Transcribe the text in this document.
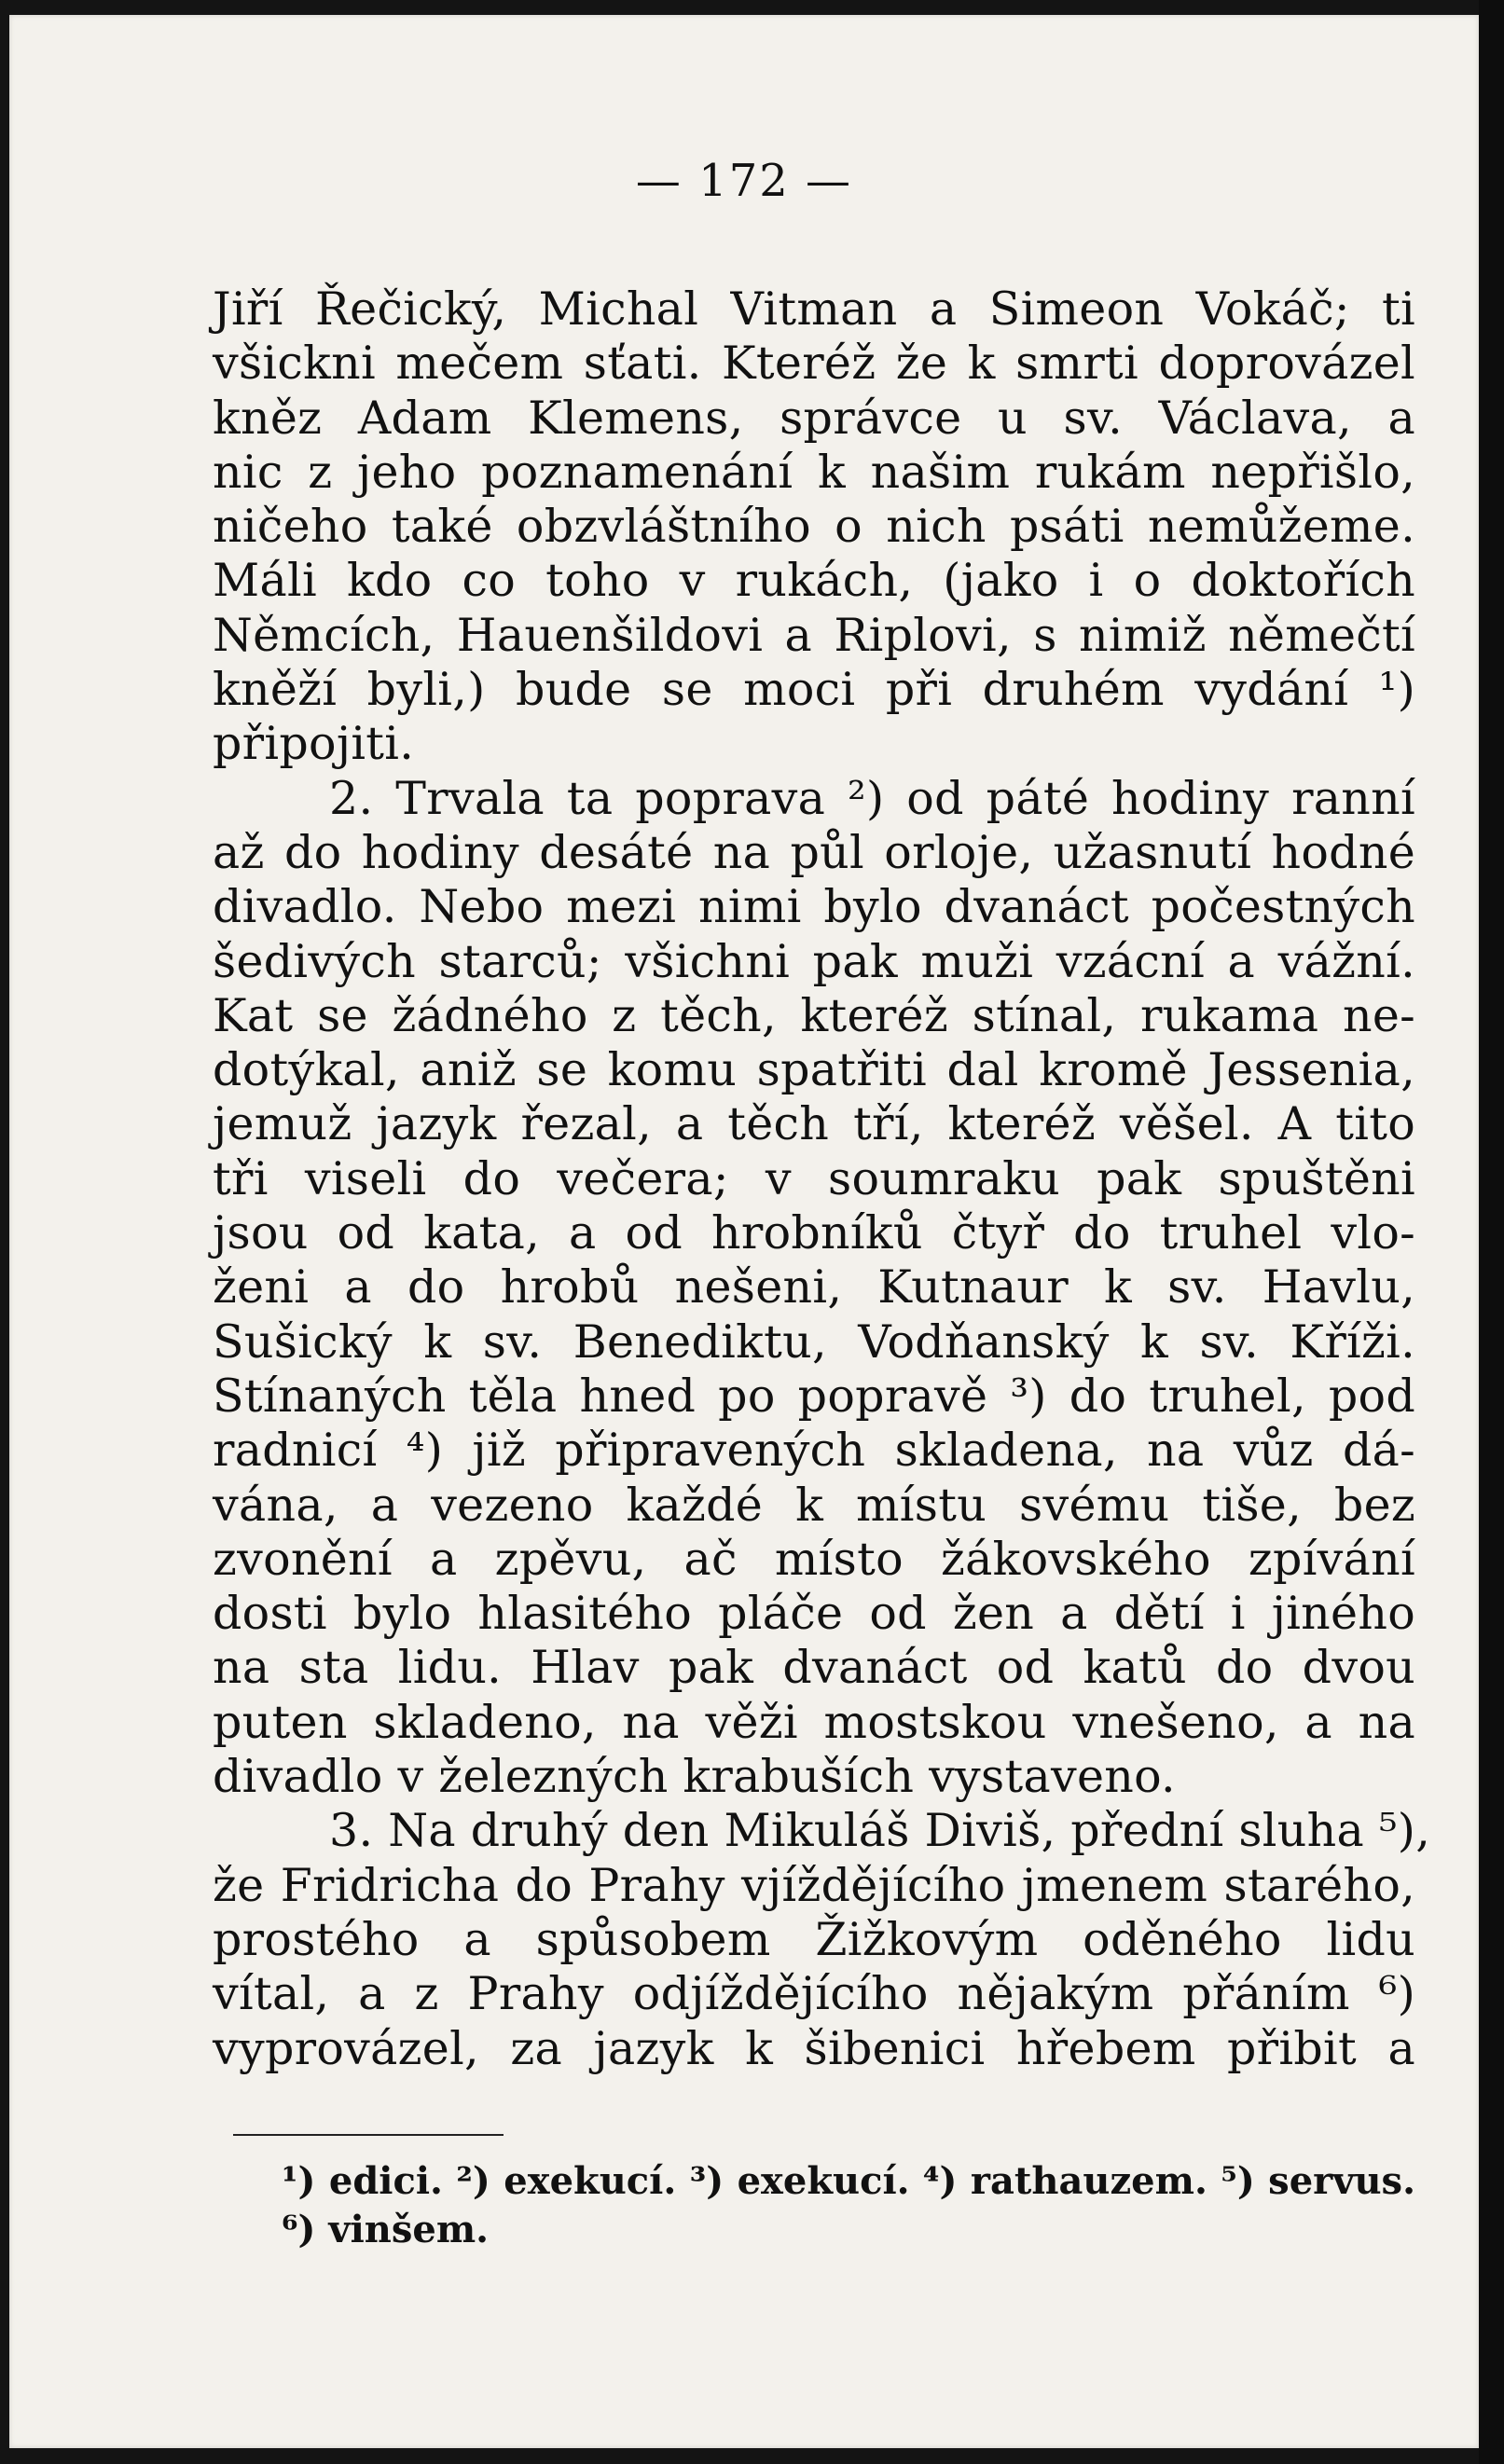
— 172 —
Jiří Řečický, Michal Vitman a Simeon Vokáč; ti
všickni mečem sťati. Kteréž že k smrti doprovázel
kněz Adam Klemens, správce u sv. Václava, a
nic z jeho poznamenání k našim rukám nepřišlo,
ničeho také obzvláštního o nich psáti nemůžeme.
Máli kdo co toho v rukách, (jako i o doktořích
Němcích, Hauenšildovi a Riplovi, s nimiž němečtí
kněží byli,) bude se moci při druhém vydání ¹)
připojiti.
2. Trvala ta poprava ²) od páté hodiny ranní
až do hodiny desáté na půl orloje, užasnutí hodné
divadlo. Nebo mezi nimi bylo dvanáct počestných
šedivých starců; všichni pak muži vzácní a vážní.
Kat se žádného z těch, kteréž stínal, rukama ne-
dotýkal, aniž se komu spatřiti dal kromě Jessenia,
jemuž jazyk řezal, a těch tří, kteréž věšel. A tito
tři viseli do večera; v soumraku pak spuštěni
jsou od kata, a od hrobníků čtyř do truhel vlo-
ženi a do hrobů nešeni, Kutnaur k sv. Havlu,
Sušický k sv. Benediktu, Vodňanský k sv. Kříži.
Stínaných těla hned po popravě ³) do truhel, pod
radnicí ⁴) již připravených skladena, na vůz dá-
vána, a vezeno každé k místu svému tiše, bez
zvonění a zpěvu, ač místo žákovského zpívání
dosti bylo hlasitého pláče od žen a dětí i jiného
na sta lidu. Hlav pak dvanáct od katů do dvou
puten skladeno, na věži mostskou vnešeno, a na
divadlo v železných krabuších vystaveno.
3. Na druhý den Mikuláš Diviš, přední sluha ⁵),
že Fridricha do Prahy vjíždějícího jmenem starého,
prostého a spůsobem Žižkovým oděného lidu
vítal, a z Prahy odjíždějícího nějakým přáním ⁶)
vyprovázel, za jazyk k šibenici hřebem přibit a
¹) edici. ²) exekucí. ³) exekucí. ⁴) rathauzem. ⁵) servus.
⁶) vinšem.
